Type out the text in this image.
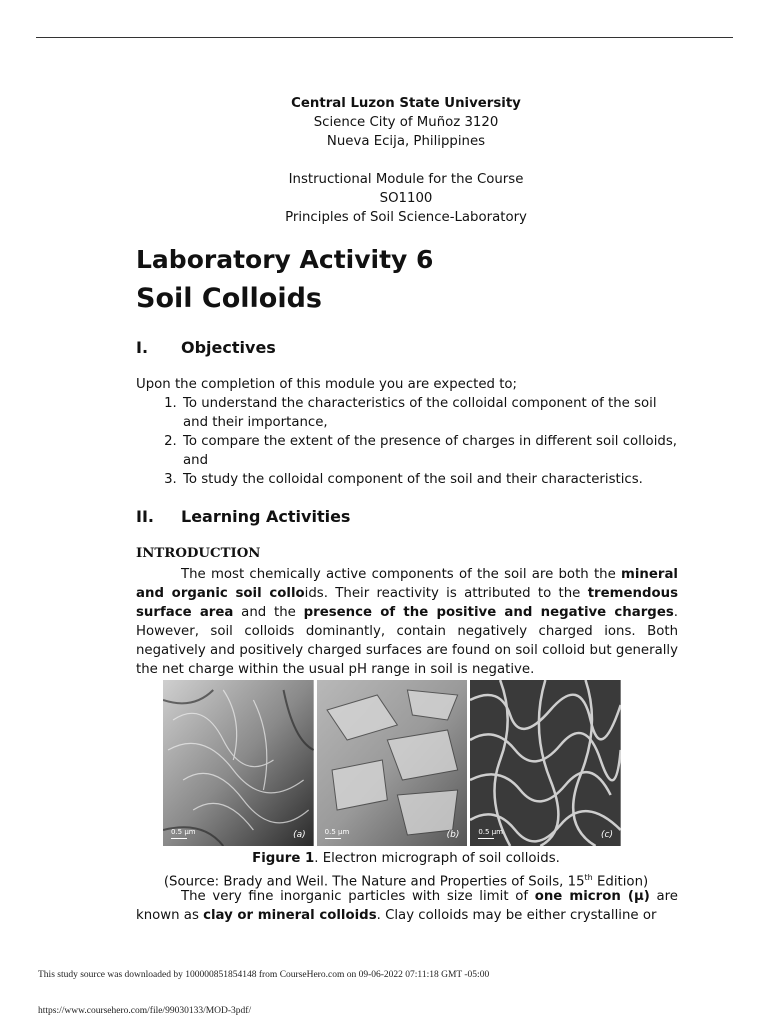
Central Luzon State University
Science City of Muñoz 3120
Nueva Ecija, Philippines
Instructional Module for the Course
SO1100
Principles of Soil Science-Laboratory
Laboratory Activity 6
Soil Colloids
I. Objectives
Upon the completion of this module you are expected to;
1. To understand the characteristics of the colloidal component of the soil and their importance,
2. To compare the extent of the presence of charges in different soil colloids, and
3. To study the colloidal component of the soil and their characteristics.
II. Learning Activities
INTRODUCTION
The most chemically active components of the soil are both the mineral and organic soil colloids. Their reactivity is attributed to the tremendous surface area and the presence of the positive and negative charges. However, soil colloids dominantly, contain negatively charged ions. Both negatively and positively charged surfaces are found on soil colloid but generally the net charge within the usual pH range in soil is negative.
0.5 µm	(a)	0.5 µm	(b)	0.5 µm	(c)
Figure 1. Electron micrograph of soil colloids.
(Source: Brady and Weil. The Nature and Properties of Soils, 15th Edition)
The very fine inorganic particles with size limit of one micron (µ) are known as clay or mineral colloids. Clay colloids may be either crystalline or
This study source was downloaded by 100000851854148 from CourseHero.com on 09-06-2022 07:11:18 GMT -05:00
https://www.coursehero.com/file/99030133/MOD-3pdf/
